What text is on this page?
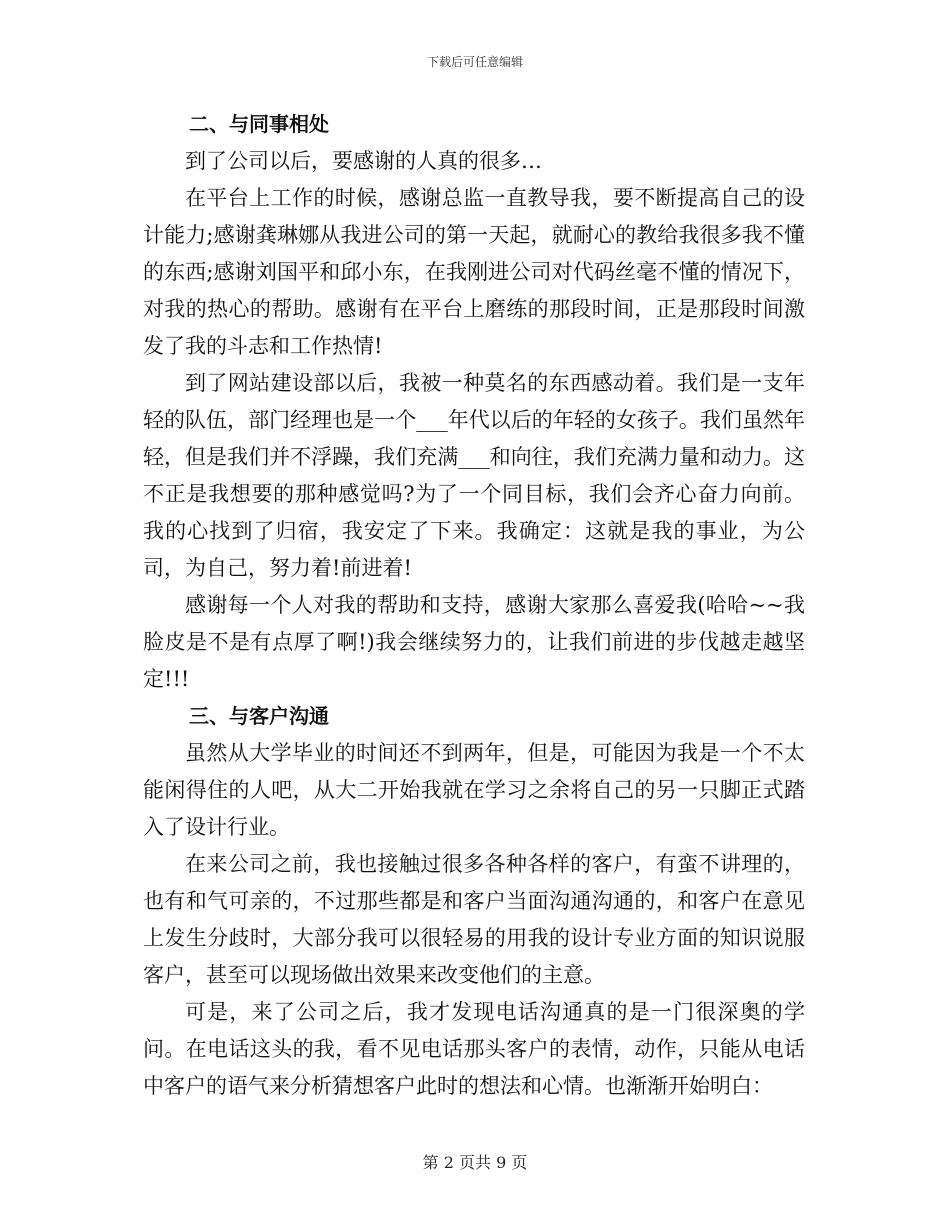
下载后可任意编辑

二、与同事相处

到了公司以后，要感谢的人真的很多…

在平台上工作的时候，感谢总监一直教导我，要不断提高自己的设计能力;感谢龚琳娜从我进公司的第一天起，就耐心的教给我很多我不懂的东西;感谢刘国平和邱小东，在我刚进公司对代码丝毫不懂的情况下，对我的热心的帮助。感谢有在平台上磨练的那段时间，正是那段时间激发了我的斗志和工作热情!

到了网站建设部以后，我被一种莫名的东西感动着。我们是一支年轻的队伍，部门经理也是一个___年代以后的年轻的女孩子。我们虽然年轻，但是我们并不浮躁，我们充满___和向往，我们充满力量和动力。这不正是我想要的那种感觉吗?为了一个同目标，我们会齐心奋力向前。我的心找到了归宿，我安定了下来。我确定：这就是我的事业，为公司，为自己，努力着!前进着!

感谢每一个人对我的帮助和支持，感谢大家那么喜爱我(哈哈~~我脸皮是不是有点厚了啊!)我会继续努力的，让我们前进的步伐越走越坚定!!!

三、与客户沟通

虽然从大学毕业的时间还不到两年，但是，可能因为我是一个不太能闲得住的人吧，从大二开始我就在学习之余将自己的另一只脚正式踏入了设计行业。

在来公司之前，我也接触过很多各种各样的客户，有蛮不讲理的，也有和气可亲的，不过那些都是和客户当面沟通沟通的，和客户在意见上发生分歧时，大部分我可以很轻易的用我的设计专业方面的知识说服客户，甚至可以现场做出效果来改变他们的主意。

可是，来了公司之后，我才发现电话沟通真的是一门很深奥的学问。在电话这头的我，看不见电话那头客户的表情，动作，只能从电话中客户的语气来分析猜想客户此时的想法和心情。也渐渐开始明白：

第 2 页共 9 页
